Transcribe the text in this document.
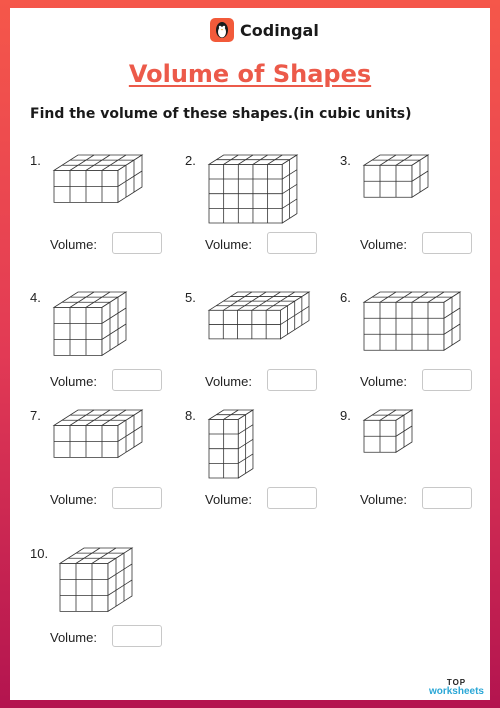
Codingal
Volume of Shapes
Find the volume of these shapes.(in cubic units)
1.
Volume:
2.
Volume:
3.
Volume:
4.
Volume:
5.
Volume:
6.
Volume:
7.
Volume:
8.
Volume:
9.
Volume:
10.
Volume:
TOP
worksheets
